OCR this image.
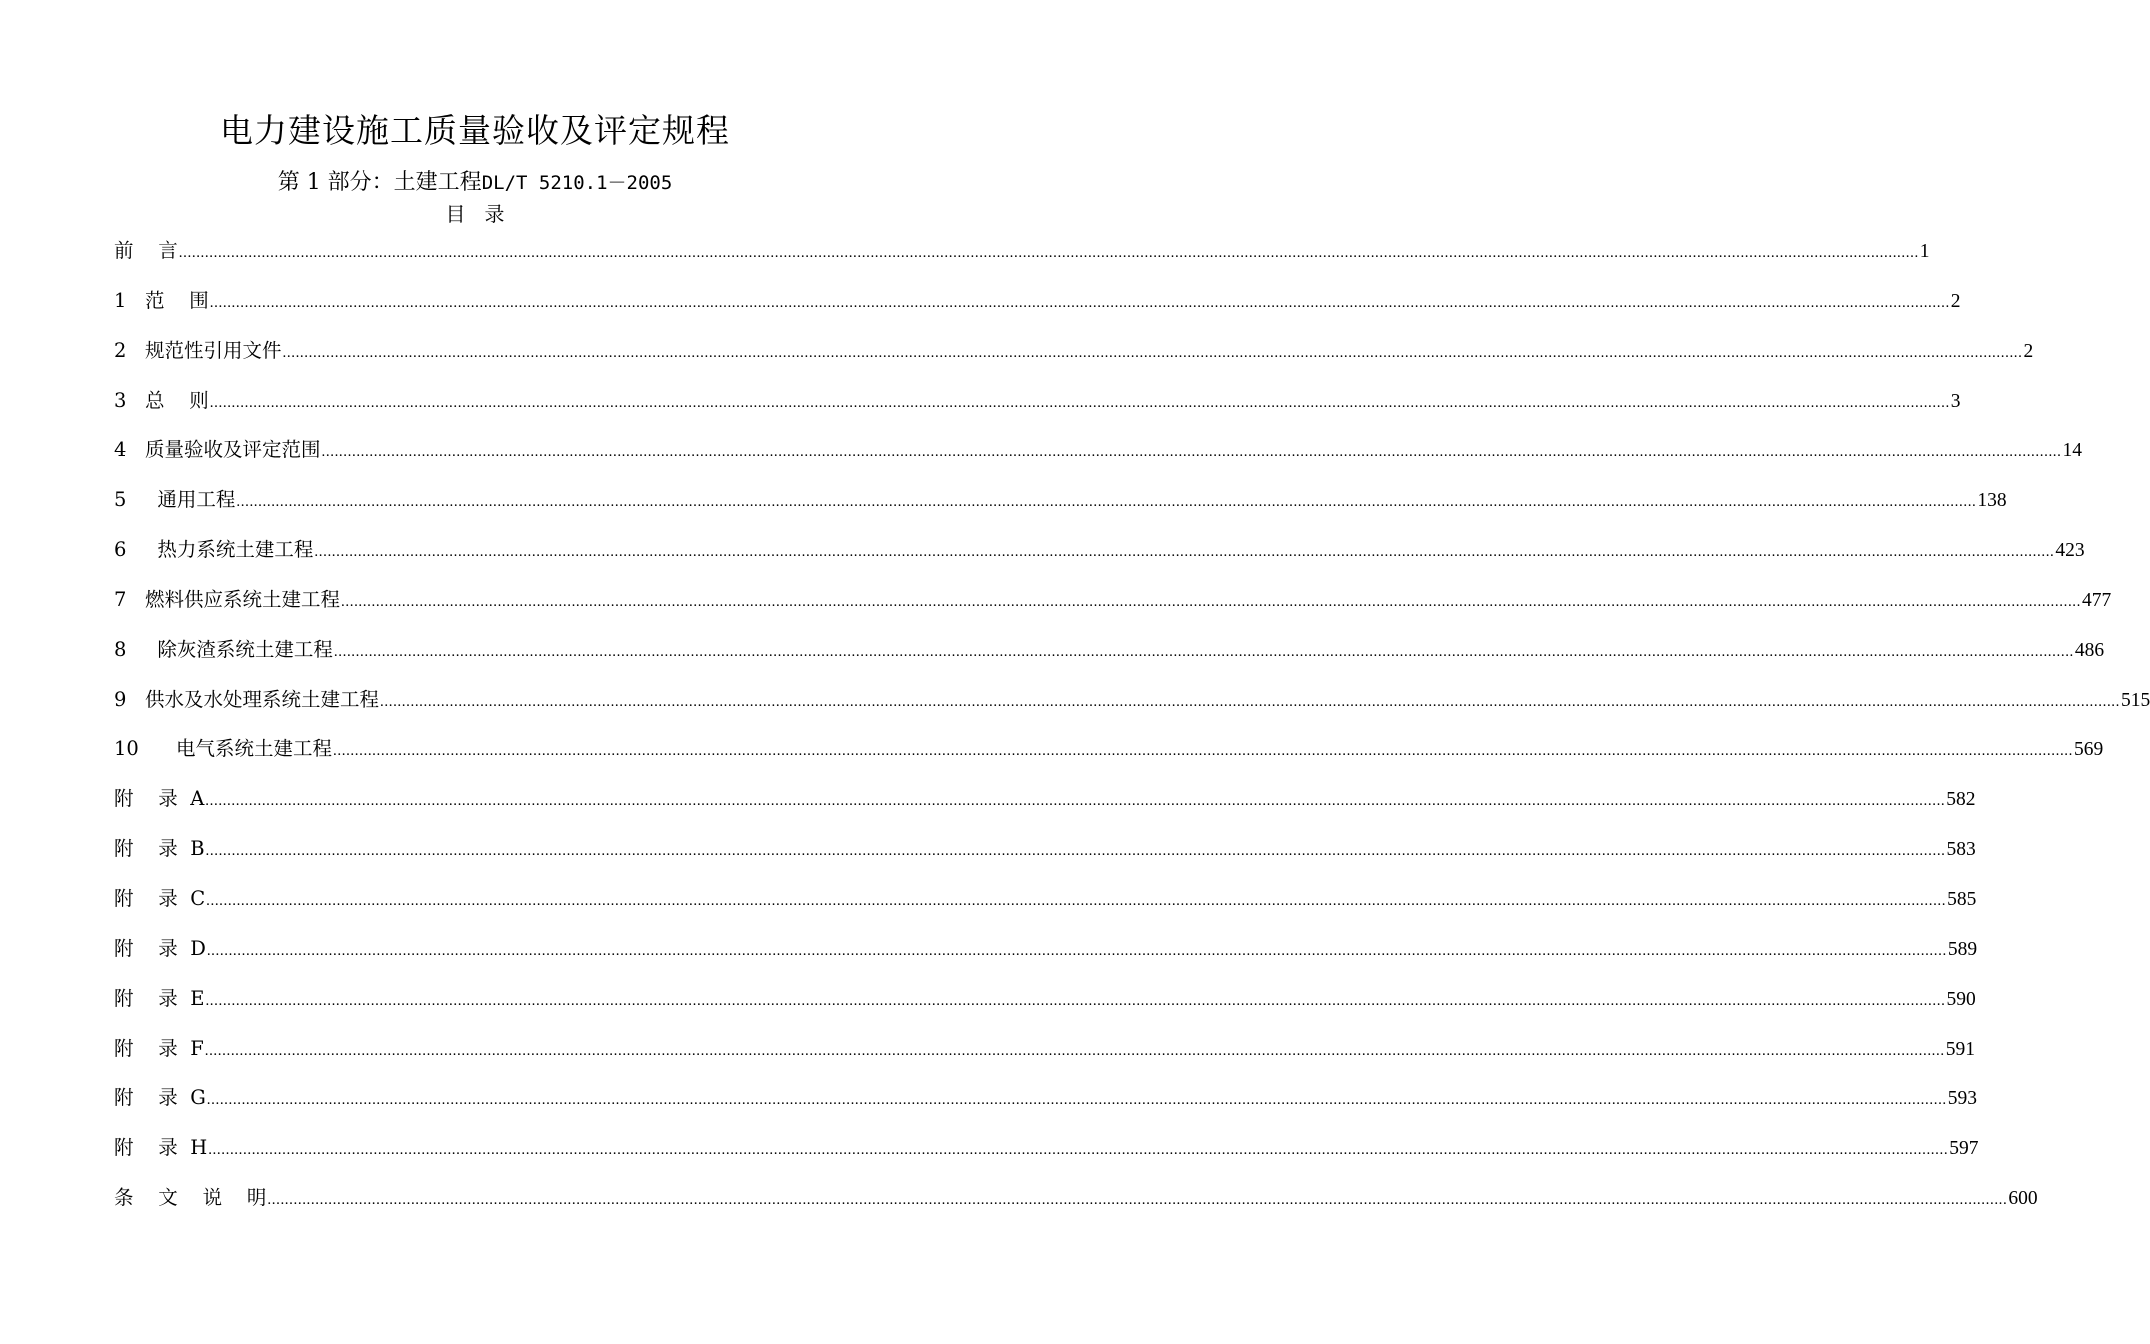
电力建设施工质量验收及评定规程
第 1 部分：土建工程DL/T 5210.1－2005
目   录
前    言 ................................................................................................................................................................................................................................................................................................................................................................................................................ 1
1   范    围 ................................................................................................................................................................................................................................................................................................................................................................................................................ 2
2   规范性引用文件 ................................................................................................................................................................................................................................................................................................................................................................................................................ 2
3   总    则 ................................................................................................................................................................................................................................................................................................................................................................................................................ 3
4   质量验收及评定范围 ................................................................................................................................................................................................................................................................................................................................................................................................................ 14
5     通用工程 ................................................................................................................................................................................................................................................................................................................................................................................................................ 138
6     热力系统土建工程 ................................................................................................................................................................................................................................................................................................................................................................................................................ 423
7   燃料供应系统土建工程 ................................................................................................................................................................................................................................................................................................................................................................................................................ 477
8     除灰渣系统土建工程 ................................................................................................................................................................................................................................................................................................................................................................................................................ 486
9   供水及水处理系统土建工程 ................................................................................................................................................................................................................................................................................................................................................................................................................ 515
10      电气系统土建工程 ................................................................................................................................................................................................................................................................................................................................................................................................................ 569
附    录  A ................................................................................................................................................................................................................................................................................................................................................................................................................ 582
附    录  B ................................................................................................................................................................................................................................................................................................................................................................................................................ 583
附    录  C ................................................................................................................................................................................................................................................................................................................................................................................................................ 585
附    录  D ................................................................................................................................................................................................................................................................................................................................................................................................................ 589
附    录  E ................................................................................................................................................................................................................................................................................................................................................................................................................ 590
附    录  F ................................................................................................................................................................................................................................................................................................................................................................................................................ 591
附    录  G ................................................................................................................................................................................................................................................................................................................................................................................................................ 593
附    录  H ................................................................................................................................................................................................................................................................................................................................................................................................................ 597
条    文    说    明 ................................................................................................................................................................................................................................................................................................................................................................................................................ 600
